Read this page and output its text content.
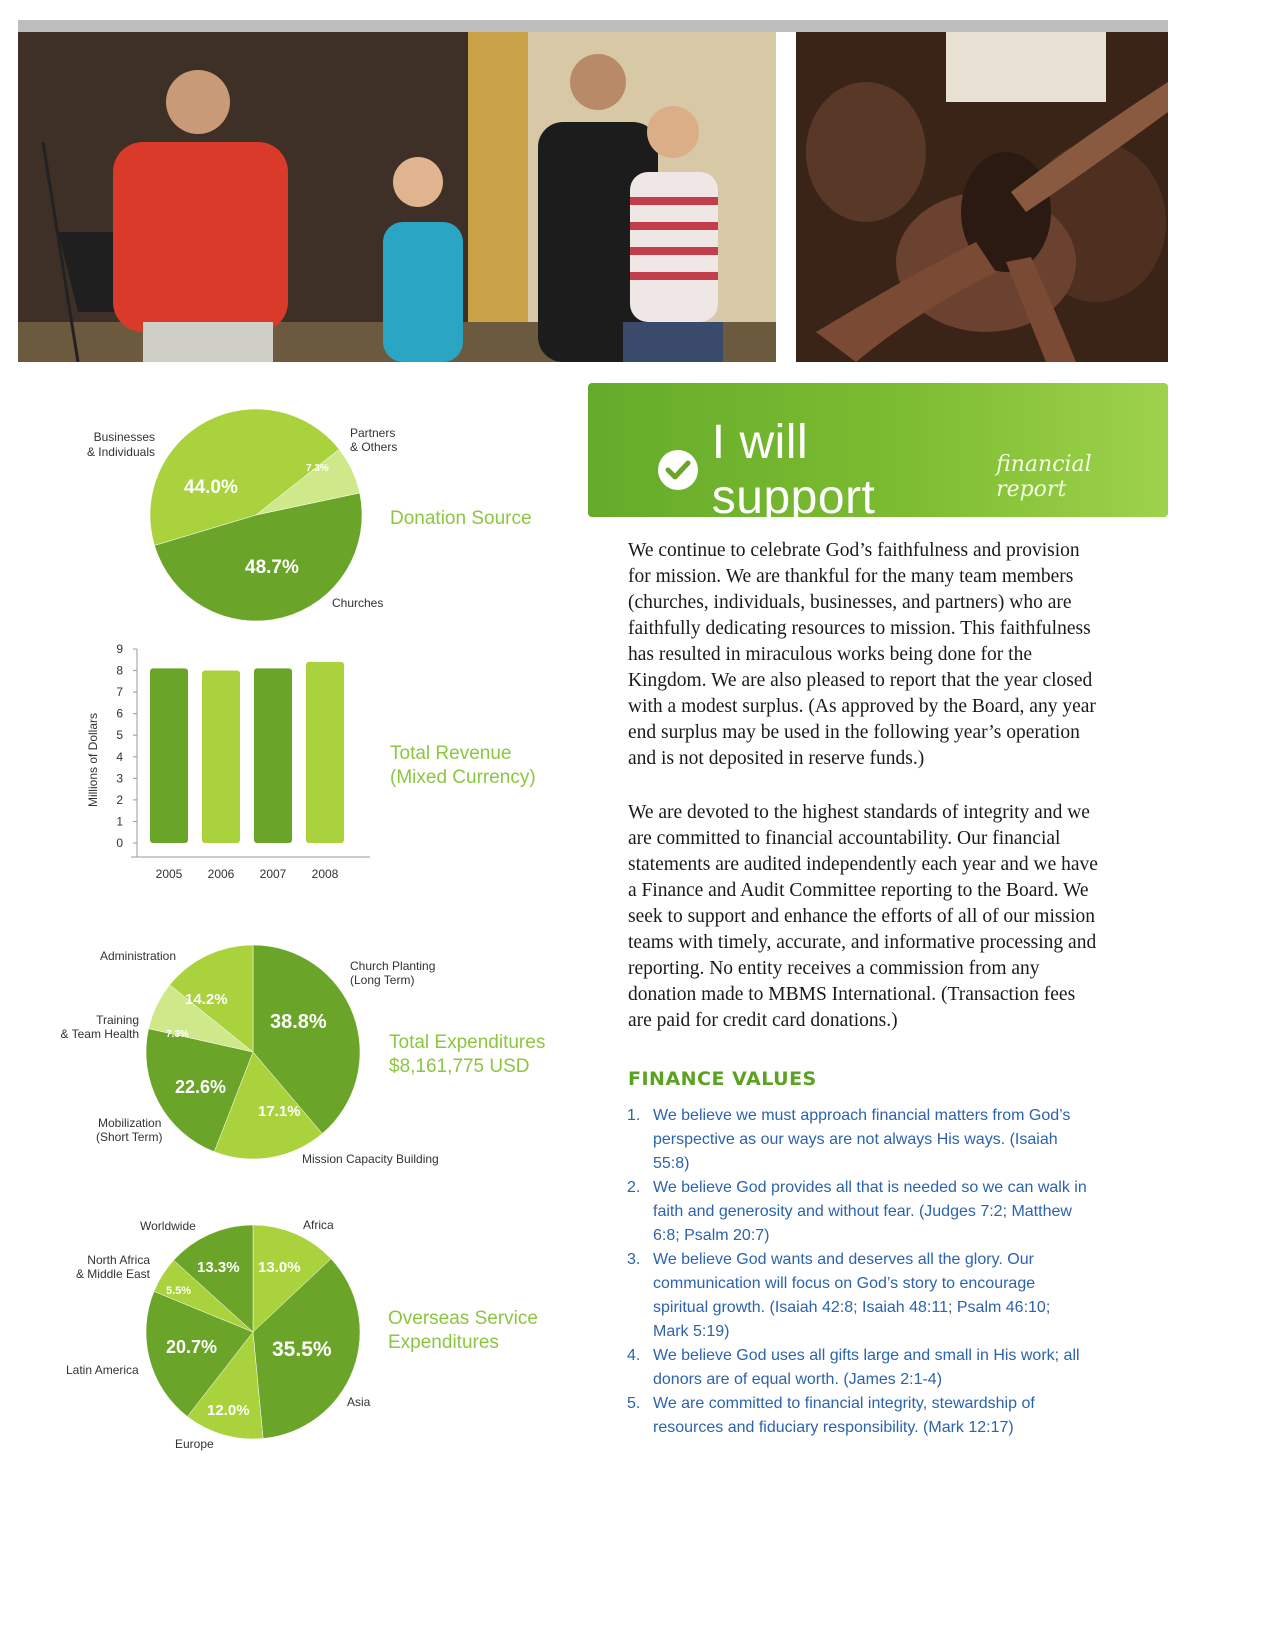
Businesses
& Individuals
Partners
& Others
Churches
44.0%
48.7%
7.3%
Donation Source
Millions of Dollars
0
1
2
3
4
5
6
7
8
9
2005 2006 2007 2008
Total Revenue
(Mixed Currency)
Administration
Church Planting
(Long Term)
Training
& Team Health
Mobilization
(Short Term)
Mission Capacity Building
38.8%
14.2%
7.3%
22.6%
17.1%
Total Expenditures
$8,161,775 USD
Worldwide	Africa
North Africa
& Middle East
Latin America
Asia
Europe
13.3% 13.0%
5.5%
20.7%	35.5%
12.0%
Overseas Service
Expenditures
I will support
financial report

We continue to celebrate God’s faithfulness and provision for mission. We are thankful for the many team members (churches, individuals, businesses, and partners) who are faithfully dedicating resources to mission. This faithfulness has resulted in miraculous works being done for the Kingdom. We are also pleased to report that the year closed with a modest surplus. (As approved by the Board, any year end surplus may be used in the following year’s operation and is not deposited in reserve funds.)

We are devoted to the highest standards of integrity and we are committed to financial accountability. Our financial statements are audited independently each year and we have a Finance and Audit Committee reporting to the Board. We seek to support and enhance the efforts of all of our mission teams with timely, accurate, and informative processing and reporting. No entity receives a commission from any donation made to MBMS International. (Transaction fees are paid for credit card donations.)

FINANCE VALUES
1. We believe we must approach financial matters from God’s perspective as our ways are not always His ways. (Isaiah 55:8)
2. We believe God provides all that is needed so we can walk in faith and generosity and without fear. (Judges 7:2; Matthew 6:8; Psalm 20:7)
3. We believe God wants and deserves all the glory. Our communication will focus on God’s story to encourage spiritual growth. (Isaiah 42:8; Isaiah 48:11; Psalm 46:10; Mark 5:19)
4. We believe God uses all gifts large and small in His work; all donors are of equal worth. (James 2:1-4)
5. We are committed to financial integrity, stewardship of resources and fiduciary responsibility. (Mark 12:17)
